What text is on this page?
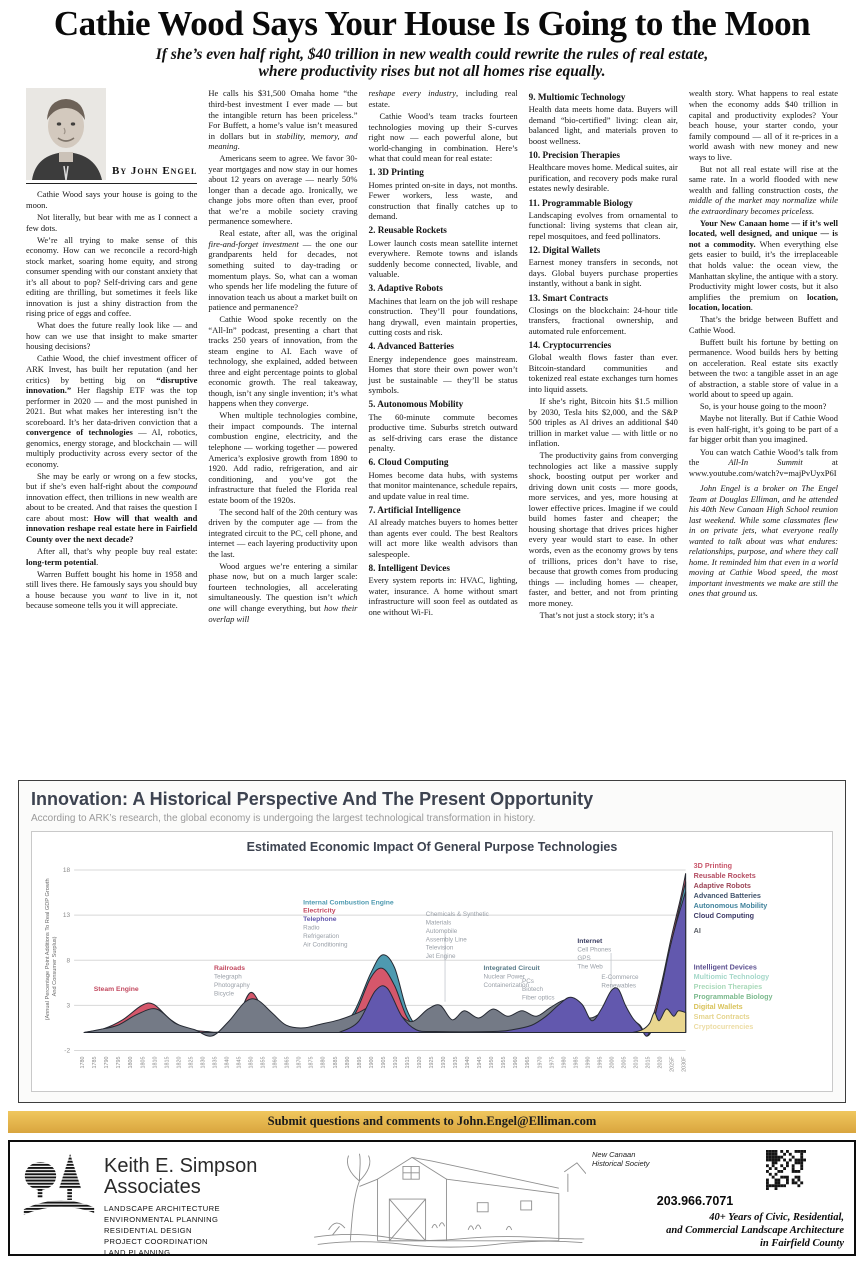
Cathie Wood Says Your House Is Going to the Moon
If she’s even half right, $40 trillion in new wealth could rewrite the rules of real estate,
where productivity rises but not all homes rise equally.
By John Engel

Cathie Wood says your house is going to the moon.

Not literally, but bear with me as I connect a few dots.

We’re all trying to make sense of this economy. How can we reconcile a record-high stock market, soaring home equity, and strong consumer spending with our constant anxiety that it’s all about to pop? Self-driving cars and gene editing are thrilling, but sometimes it feels like innovation is just a shiny distraction from the rising price of eggs and coffee.

What does the future really look like — and how can we use that insight to make smarter housing decisions?

Cathie Wood, the chief investment officer of ARK Invest, has built her reputation (and her critics) by betting big on “disruptive innovation.” Her flagship ETF was the top performer in 2020 — and the most punished in 2021. But what makes her interesting isn’t the scoreboard. It’s her data-driven conviction that a convergence of technologies — AI, robotics, genomics, energy storage, and blockchain — will multiply productivity across every sector of the economy.

She may be early or wrong on a few stocks, but if she’s even half-right about the compound innovation effect, then trillions in new wealth are about to be created. And that raises the question I care about most: How will that wealth and innovation reshape real estate here in Fairfield County over the next decade?

After all, that’s why people buy real estate: long-term potential.

Warren Buffett bought his home in 1958 and still lives there. He famously says you should buy a house because you want to live in it, not because someone tells you it will appreciate.

He calls his $31,500 Omaha home “the third-best investment I ever made — but the intangible return has been priceless.” For Buffett, a home’s value isn’t measured in dollars but in stability, memory, and meaning.

Americans seem to agree. We favor 30-year mortgages and now stay in our homes about 12 years on average — nearly 50% longer than a decade ago. Ironically, we change jobs more often than ever, proof that we’re a mobile society craving permanence somewhere.

Real estate, after all, was the original fire-and-forget investment — the one our grandparents held for decades, not something suited to day-trading or momentum plays. So, what can a woman who spends her life modeling the future of innovation teach us about a market built on patience and permanence?

Cathie Wood spoke recently on the “All-In” podcast, presenting a chart that tracks 250 years of innovation, from the steam engine to AI. Each wave of technology, she explained, added between three and eight percentage points to global economic growth. The real takeaway, though, isn’t any single invention; it’s what happens when they converge.

When multiple technologies combine, their impact compounds. The internal combustion engine, electricity, and the telephone — working together — powered America’s explosive growth from 1890 to 1920. Add radio, refrigeration, and air conditioning, and you’ve got the infrastructure that fueled the Florida real estate boom of the 1920s.

The second half of the 20th century was driven by the computer age — from the integrated circuit to the PC, cell phone, and internet — each layering productivity upon the last.

Wood argues we’re entering a similar phase now, but on a much larger scale: fourteen technologies, all accelerating simultaneously. The question isn’t which one will change everything, but how their overlap will

reshape every industry, including real estate.

Cathie Wood’s team tracks fourteen technologies moving up their S-curves right now — each powerful alone, but world-changing in combination. Here’s what that could mean for real estate:

1. 3D Printing

Homes printed on-site in days, not months. Fewer workers, less waste, and construction that finally catches up to demand.

2. Reusable Rockets

Lower launch costs mean satellite internet everywhere. Remote towns and islands suddenly become connected, livable, and valuable.

3. Adaptive Robots

Machines that learn on the job will reshape construction. They’ll pour foundations, hang drywall, even maintain properties, cutting costs and risk.

4. Advanced Batteries

Energy independence goes mainstream. Homes that store their own power won’t just be sustainable — they’ll be status symbols.

5. Autonomous Mobility

The 60-minute commute becomes productive time. Suburbs stretch outward as self-driving cars erase the distance penalty.

6. Cloud Computing

Homes become data hubs, with systems that monitor maintenance, schedule repairs, and update value in real time.

7. Artificial Intelligence

AI already matches buyers to homes better than agents ever could. The best Realtors will act more like wealth advisors than salespeople.

8. Intelligent Devices

Every system reports in: HVAC, lighting, water, insurance. A home without smart infrastructure will soon feel as outdated as one without Wi-Fi.

9. Multiomic Technology

Health data meets home data. Buyers will demand “bio-certified” living: clean air, balanced light, and materials proven to boost wellness.

10. Precision Therapies

Healthcare moves home. Medical suites, air purification, and recovery pods make rural estates newly desirable.

11. Programmable Biology

Landscaping evolves from ornamental to functional: living systems that clean air, repel mosquitoes, and feed pollinators.

12. Digital Wallets

Earnest money transfers in seconds, not days. Global buyers purchase properties instantly, without a bank in sight.

13. Smart Contracts

Closings on the blockchain: 24-hour title transfers, fractional ownership, and automated rule enforcement.

14. Cryptocurrencies

Global wealth flows faster than ever. Bitcoin-standard communities and tokenized real estate exchanges turn homes into liquid assets.

If she’s right, Bitcoin hits $1.5 million by 2030, Tesla hits $2,000, and the S&P 500 triples as AI drives an additional $40 trillion in market value — with little or no inflation.

The productivity gains from converging technologies act like a massive supply shock, boosting output per worker and driving down unit costs — more goods, more services, and yes, more housing at lower effective prices. Imagine if we could build homes faster and cheaper; the housing shortage that drives prices higher every year would start to ease. In other words, even as the economy grows by tens of trillions, prices don’t have to rise, because that growth comes from producing things — including homes — cheaper, faster, and better, and not from printing more money.

That’s not just a stock story; it’s a

wealth story. What happens to real estate when the economy adds $40 trillion in capital and productivity explodes? Your beach house, your starter condo, your family compound — all of it re-prices in a world awash with new money and new ways to live.

But not all real estate will rise at the same rate. In a world flooded with new wealth and falling construction costs, the middle of the market may normalize while the extraordinary becomes priceless.

Your New Canaan home — if it’s well located, well designed, and unique — is not a commodity. When everything else gets easier to build, it’s the irreplaceable that holds value: the ocean view, the Manhattan skyline, the antique with a story. Productivity might lower costs, but it also amplifies the premium on location, location, location.

That’s the bridge between Buffett and Cathie Wood.

Buffett built his fortune by betting on permanence. Wood builds hers by betting on acceleration. Real estate sits exactly between the two: a tangible asset in an age of abstraction, a stable store of value in a world about to speed up again.

So, is your house going to the moon?

Maybe not literally. But if Cathie Wood is even half-right, it’s going to be part of a far bigger orbit than you imagined.

You can watch Cathie Wood’s talk from the All-In Summit at www.youtube.com/watch?v=majPvUyxP6I

John Engel is a broker on The Engel Team at Douglas Elliman, and he attended his 40th New Canaan High School reunion last weekend. While some classmates flew in on private jets, what everyone really wanted to talk about was what endures: relationships, purpose, and where they call home. It reminded him that even in a world moving at Cathie Wood speed, the most important investments we make are still the ones that ground us.

Innovation: A Historical Perspective And The Present Opportunity
According to ARK’s research, the global economy is undergoing the largest technological transformation in history.
Estimated Economic Impact Of General Purpose Technologies
18
13
8
3
-2
(Annual Percentage Point Additions To Real GDP Growth And Consumer Surplus)	Steam Engine
Railroads
Telegraph
Photography
Bicycle
Internal Combustion Engine
Electricity
Telephone
Radio
Refrigeration
Air Conditioning
Chemicals & Synthetic
Materials
Automobile
Assembly Line
Television
Jet Engine
Integrated Circuit
Nuclear Power
Containerization
PCs
Biotech
Fiber optics
Internet
Cell Phones
GPS
The Web
E-Commerce
Renewables
3D Printing
Reusable Rockets
Adaptive Robots
Advanced Batteries
Autonomous Mobility
Cloud Computing
AI
Intelligent Devices
Multiomic Technology
Precision Therapies
Programmable Biology
Digital Wallets
Smart Contracts
Cryptocurrencies
1780 1785 1790 1795 1800 1805 1810 1815 1820 1825 1830 1835 1840 1845 1850 1855 1860 1865 1870 1875 1880 1885 1890 1895 1900 1905 1910 1915 1920 1925 1930 1935 1940 1945 1950 1955 1960 1965 1970 1975 1980 1985 1990 1995 2000 2005 2010 2015 2020 2025F 2030F
Submit questions and comments to John.Engel@Elliman.com
Keith E. Simpson
Associates
LANDSCAPE ARCHITECTURE
ENVIRONMENTAL PLANNING
RESIDENTIAL DESIGN
PROJECT COORDINATION
LAND PLANNING
New Canaan
Historical Society
203.966.7071
40+ Years of Civic, Residential,
and Commercial Landscape Architecture
in Fairfield County
